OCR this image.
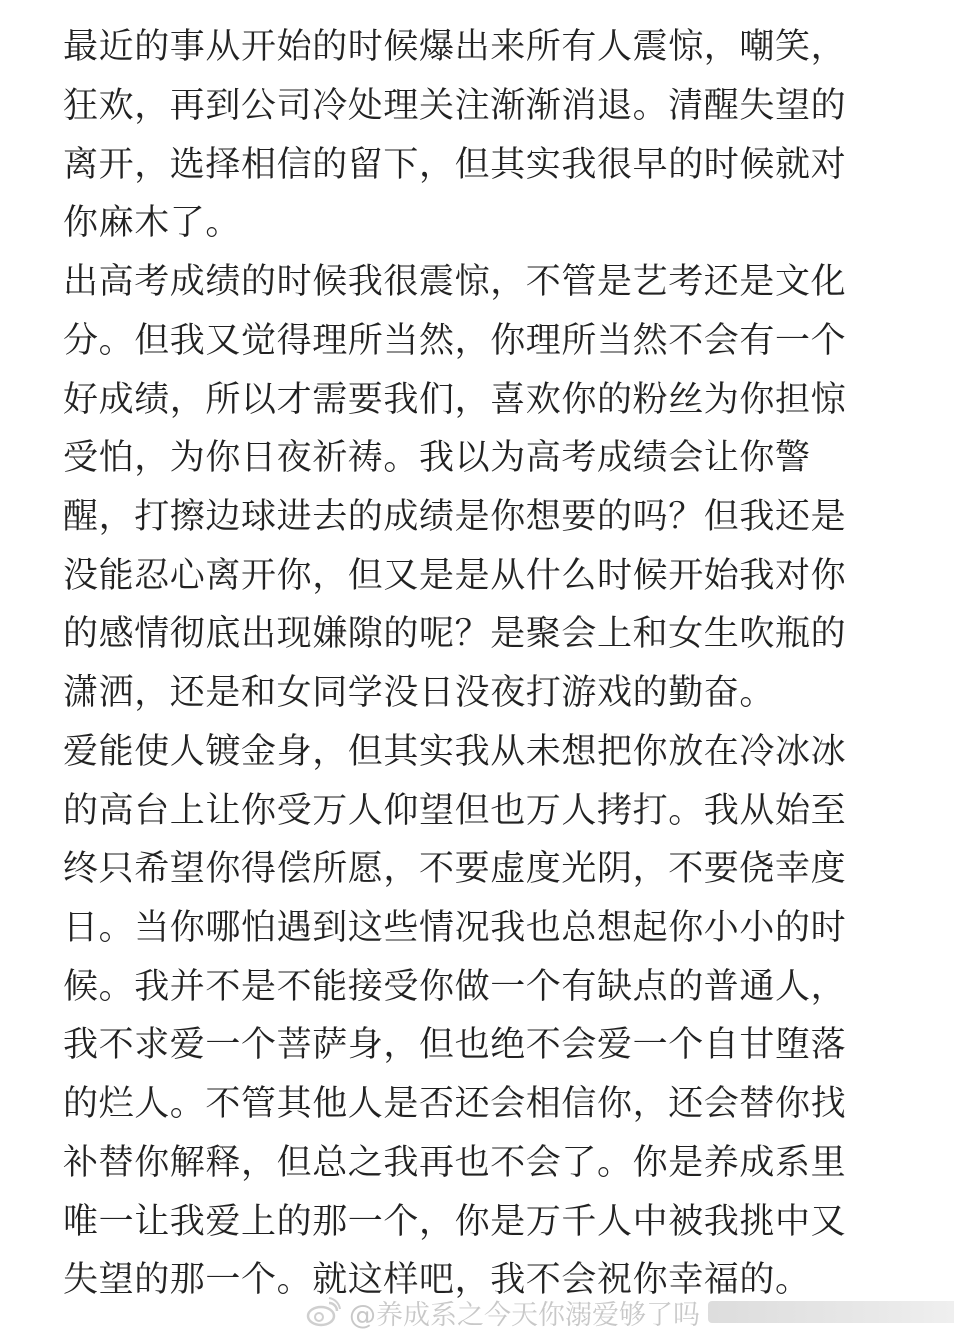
最近的事从开始的时候爆出来所有人震惊，嘲笑，
狂欢，再到公司冷处理关注渐渐消退。清醒失望的
离开，选择相信的留下，但其实我很早的时候就对
你麻木了。
出高考成绩的时候我很震惊，不管是艺考还是文化
分。但我又觉得理所当然，你理所当然不会有一个
好成绩，所以才需要我们，喜欢你的粉丝为你担惊
受怕，为你日夜祈祷。我以为高考成绩会让你警
醒，打擦边球进去的成绩是你想要的吗？但我还是
没能忍心离开你，但又是是从什么时候开始我对你
的感情彻底出现嫌隙的呢？是聚会上和女生吹瓶的
潇洒，还是和女同学没日没夜打游戏的勤奋。
爱能使人镀金身，但其实我从未想把你放在冷冰冰
的高台上让你受万人仰望但也万人拷打。我从始至
终只希望你得偿所愿，不要虚度光阴，不要侥幸度
日。当你哪怕遇到这些情况我也总想起你小小的时
候。我并不是不能接受你做一个有缺点的普通人，
我不求爱一个菩萨身，但也绝不会爱一个自甘堕落
的烂人。不管其他人是否还会相信你，还会替你找
补替你解释，但总之我再也不会了。你是养成系里
唯一让我爱上的那一个，你是万千人中被我挑中又
失望的那一个。就这样吧，我不会祝你幸福的。
@养成系之今天你溺爱够了吗
